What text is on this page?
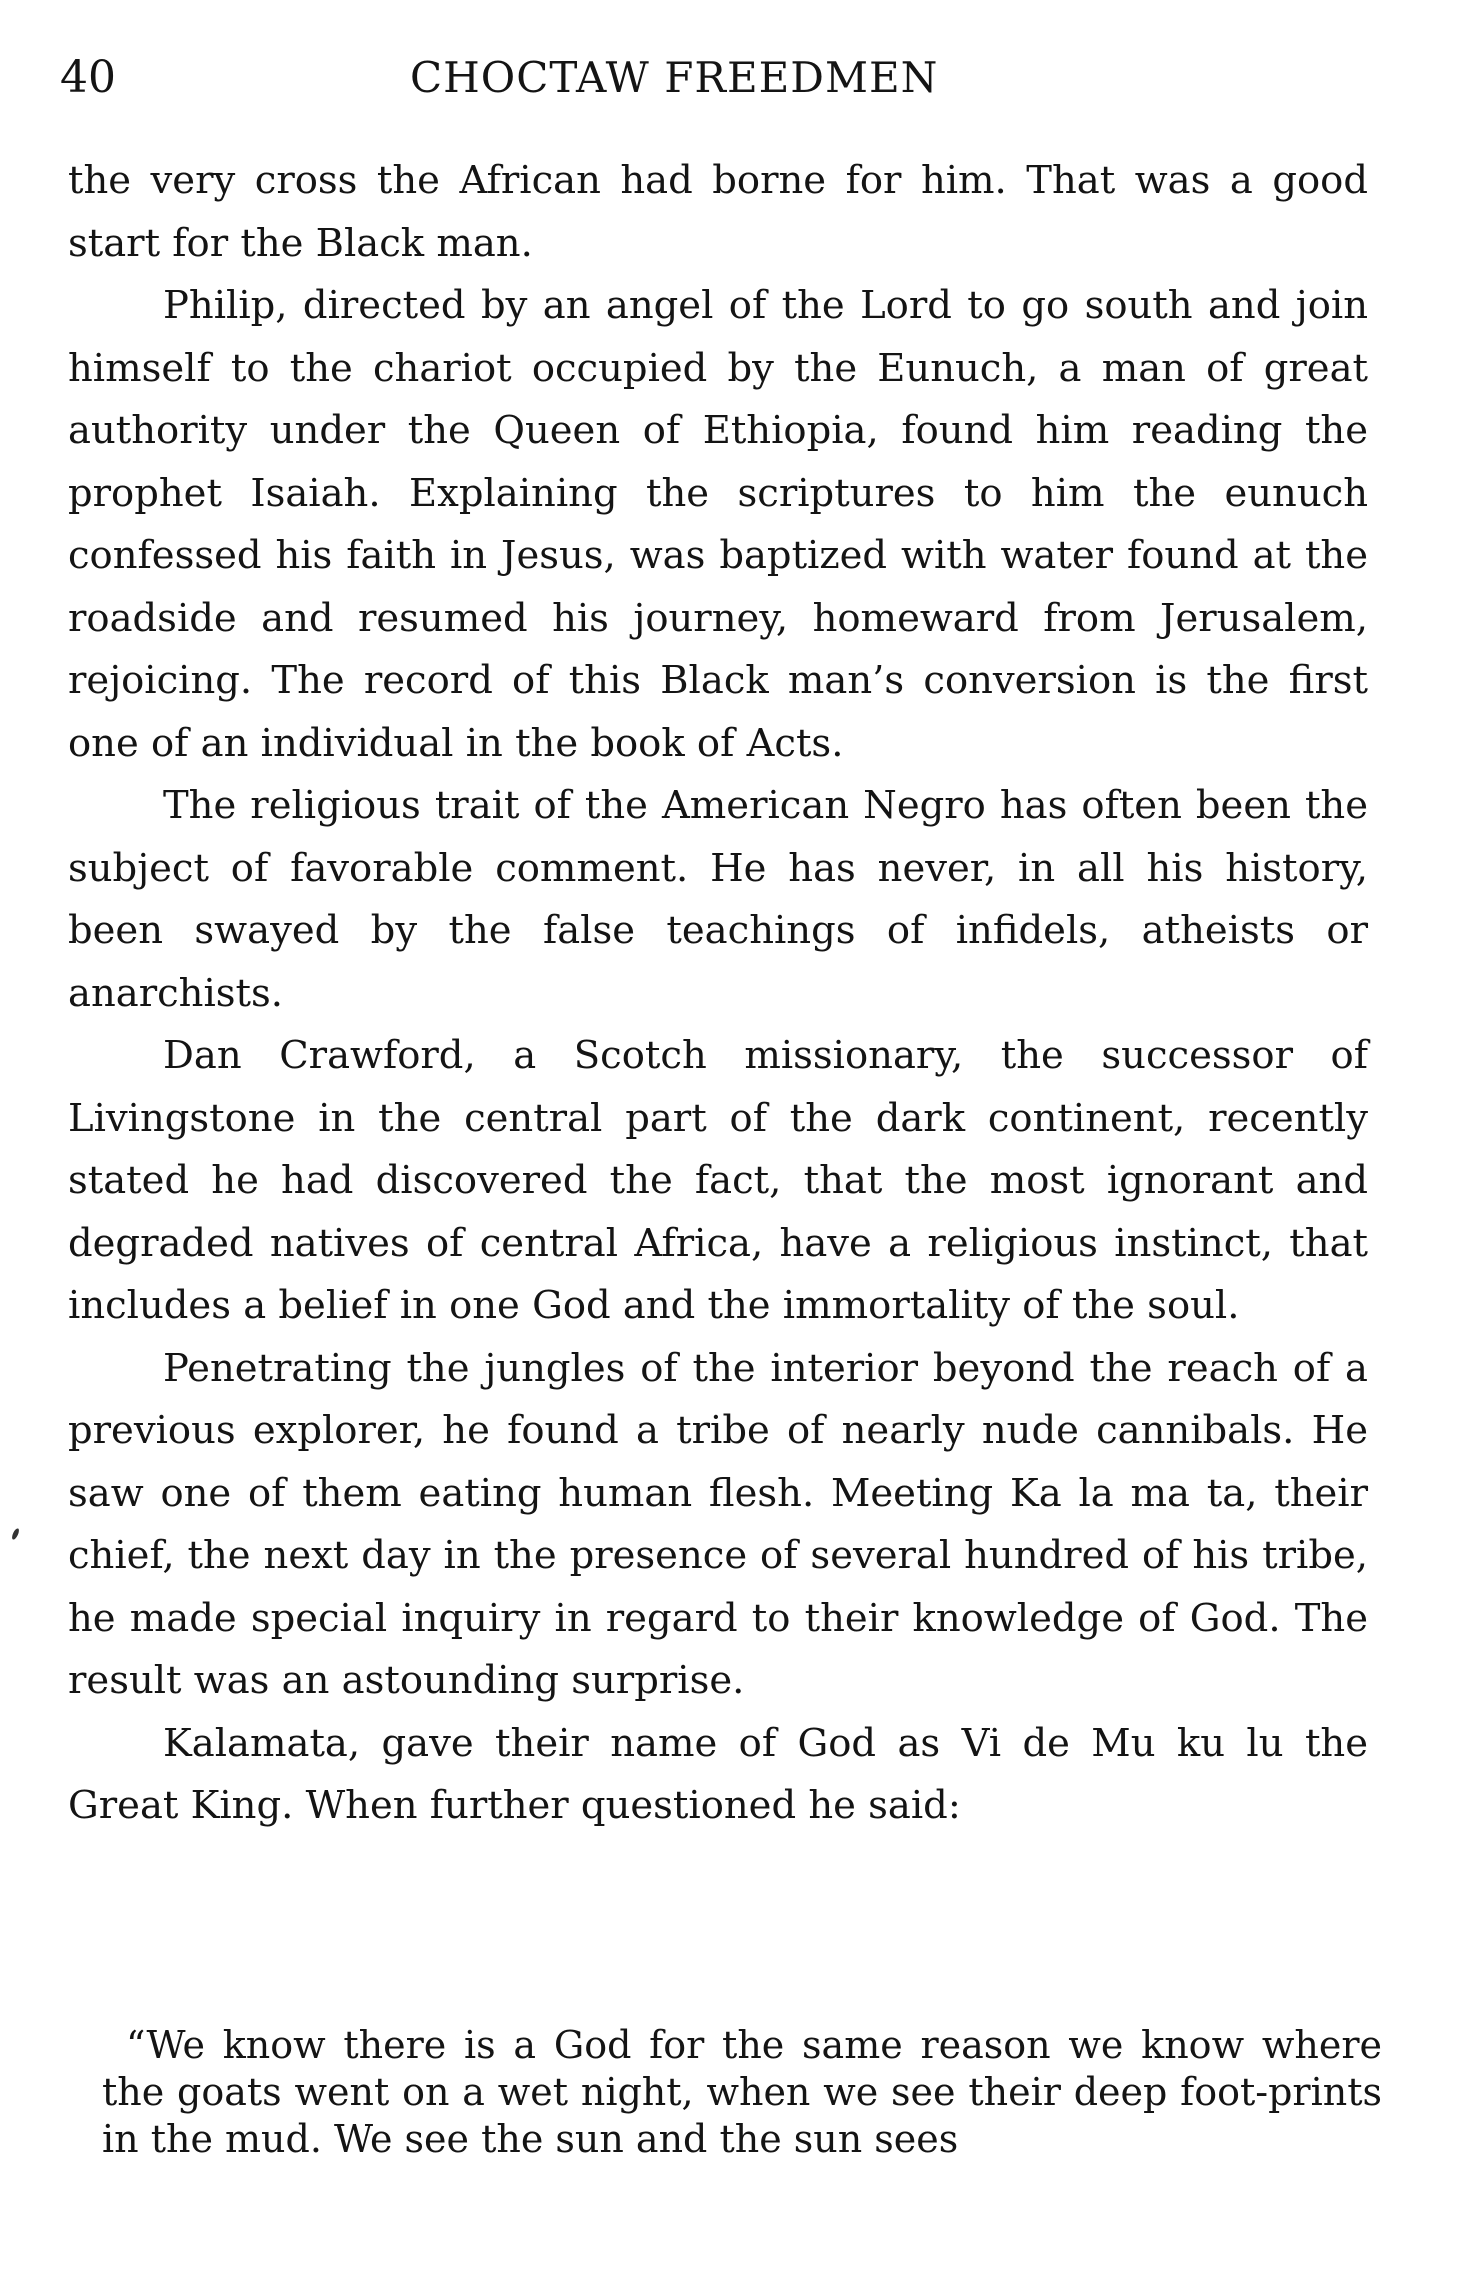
40	CHOCTAW FREEDMEN

the very cross the African had borne for him. That was a good start for the Black man.

Philip, directed by an angel of the Lord to go south and join himself to the chariot occupied by the Eunuch, a man of great authority under the Queen of Ethiopia, found him reading the prophet Isaiah. Explaining the scriptures to him the eunuch confessed his faith in Jesus, was baptized with water found at the roadside and resumed his journey, homeward from Jerusalem, rejoicing. The record of this Black man’s conversion is the first one of an individual in the book of Acts.

The religious trait of the American Negro has often been the subject of favorable comment. He has never, in all his history, been swayed by the false teachings of infidels, atheists or anarchists.

Dan Crawford, a Scotch missionary, the successor of Livingstone in the central part of the dark continent, recently stated he had discovered the fact, that the most ignorant and degraded natives of central Africa, have a religious instinct, that includes a belief in one God and the immortality of the soul.

Penetrating the jungles of the interior beyond the reach of a previous explorer, he found a tribe of nearly nude cannibals. He saw one of them eating human flesh. Meeting Ka la ma ta, their chief, the next day in the presence of several hundred of his tribe, he made special inquiry in regard to their knowledge of God. The result was an astounding surprise.

Kalamata, gave their name of God as Vi de Mu ku lu the Great King. When further questioned he said:

“We know there is a God for the same reason we know where the goats went on a wet night, when we see their deep foot-prints in the mud. We see the sun and the sun sees
